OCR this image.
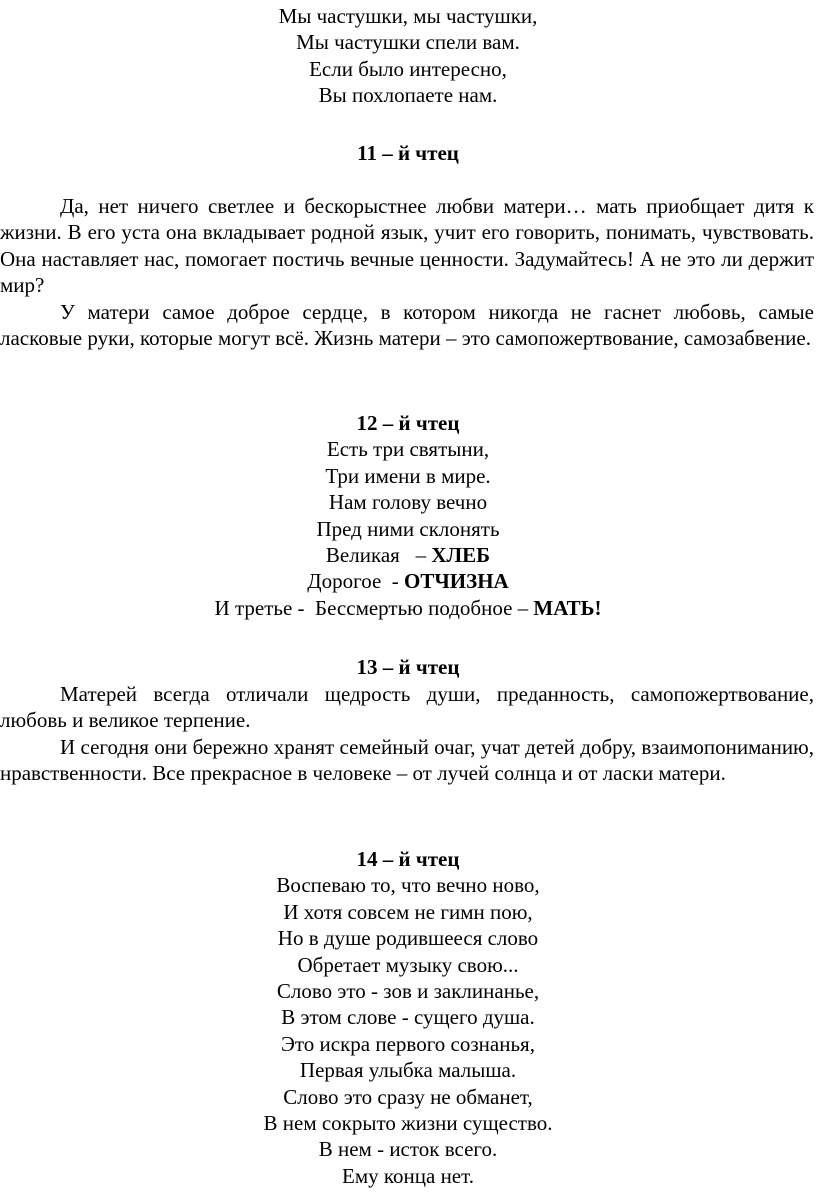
Мы частушки, мы частушки,
Мы частушки спели вам.
Если было интересно,
Вы похлопаете нам.
11 – й чтец

Да, нет ничего светлее и бескорыстнее любви матери… мать приобщает дитя к жизни. В его уста она вкладывает родной язык, учит его говорить, понимать, чувствовать. Она наставляет нас, помогает постичь вечные ценности. Задумайтесь! А не это ли держит мир?

У матери самое доброе сердце, в котором никогда не гаснет любовь, самые ласковые руки, которые могут всё. Жизнь матери – это самопожертвование, самозабвение.

12 – й чтец
Есть три святыни,
Три имени в мире.
Нам голову вечно
Пред ними склонять
Великая   – ХЛЕБ
Дорогое  - ОТЧИЗНА
И третье -  Бессмертью подобное – МАТЬ!
13 – й чтец

Матерей всегда отличали щедрость души, преданность, самопожертвование, любовь и великое терпение.

И сегодня они бережно хранят семейный очаг, учат детей добру, взаимопониманию, нравственности. Все прекрасное в человеке – от лучей солнца и от ласки матери.

14 – й чтец
Воспеваю то, что вечно ново,
И хотя совсем не гимн пою,
Но в душе родившееся слово
Обретает музыку свою...
Слово это - зов и заклинанье,
В этом слове - сущего душа.
Это искра первого сознанья,
Первая улыбка малыша.
Слово это сразу не обманет,
В нем сокрыто жизни существо.
В нем - исток всего.
Ему конца нет.
